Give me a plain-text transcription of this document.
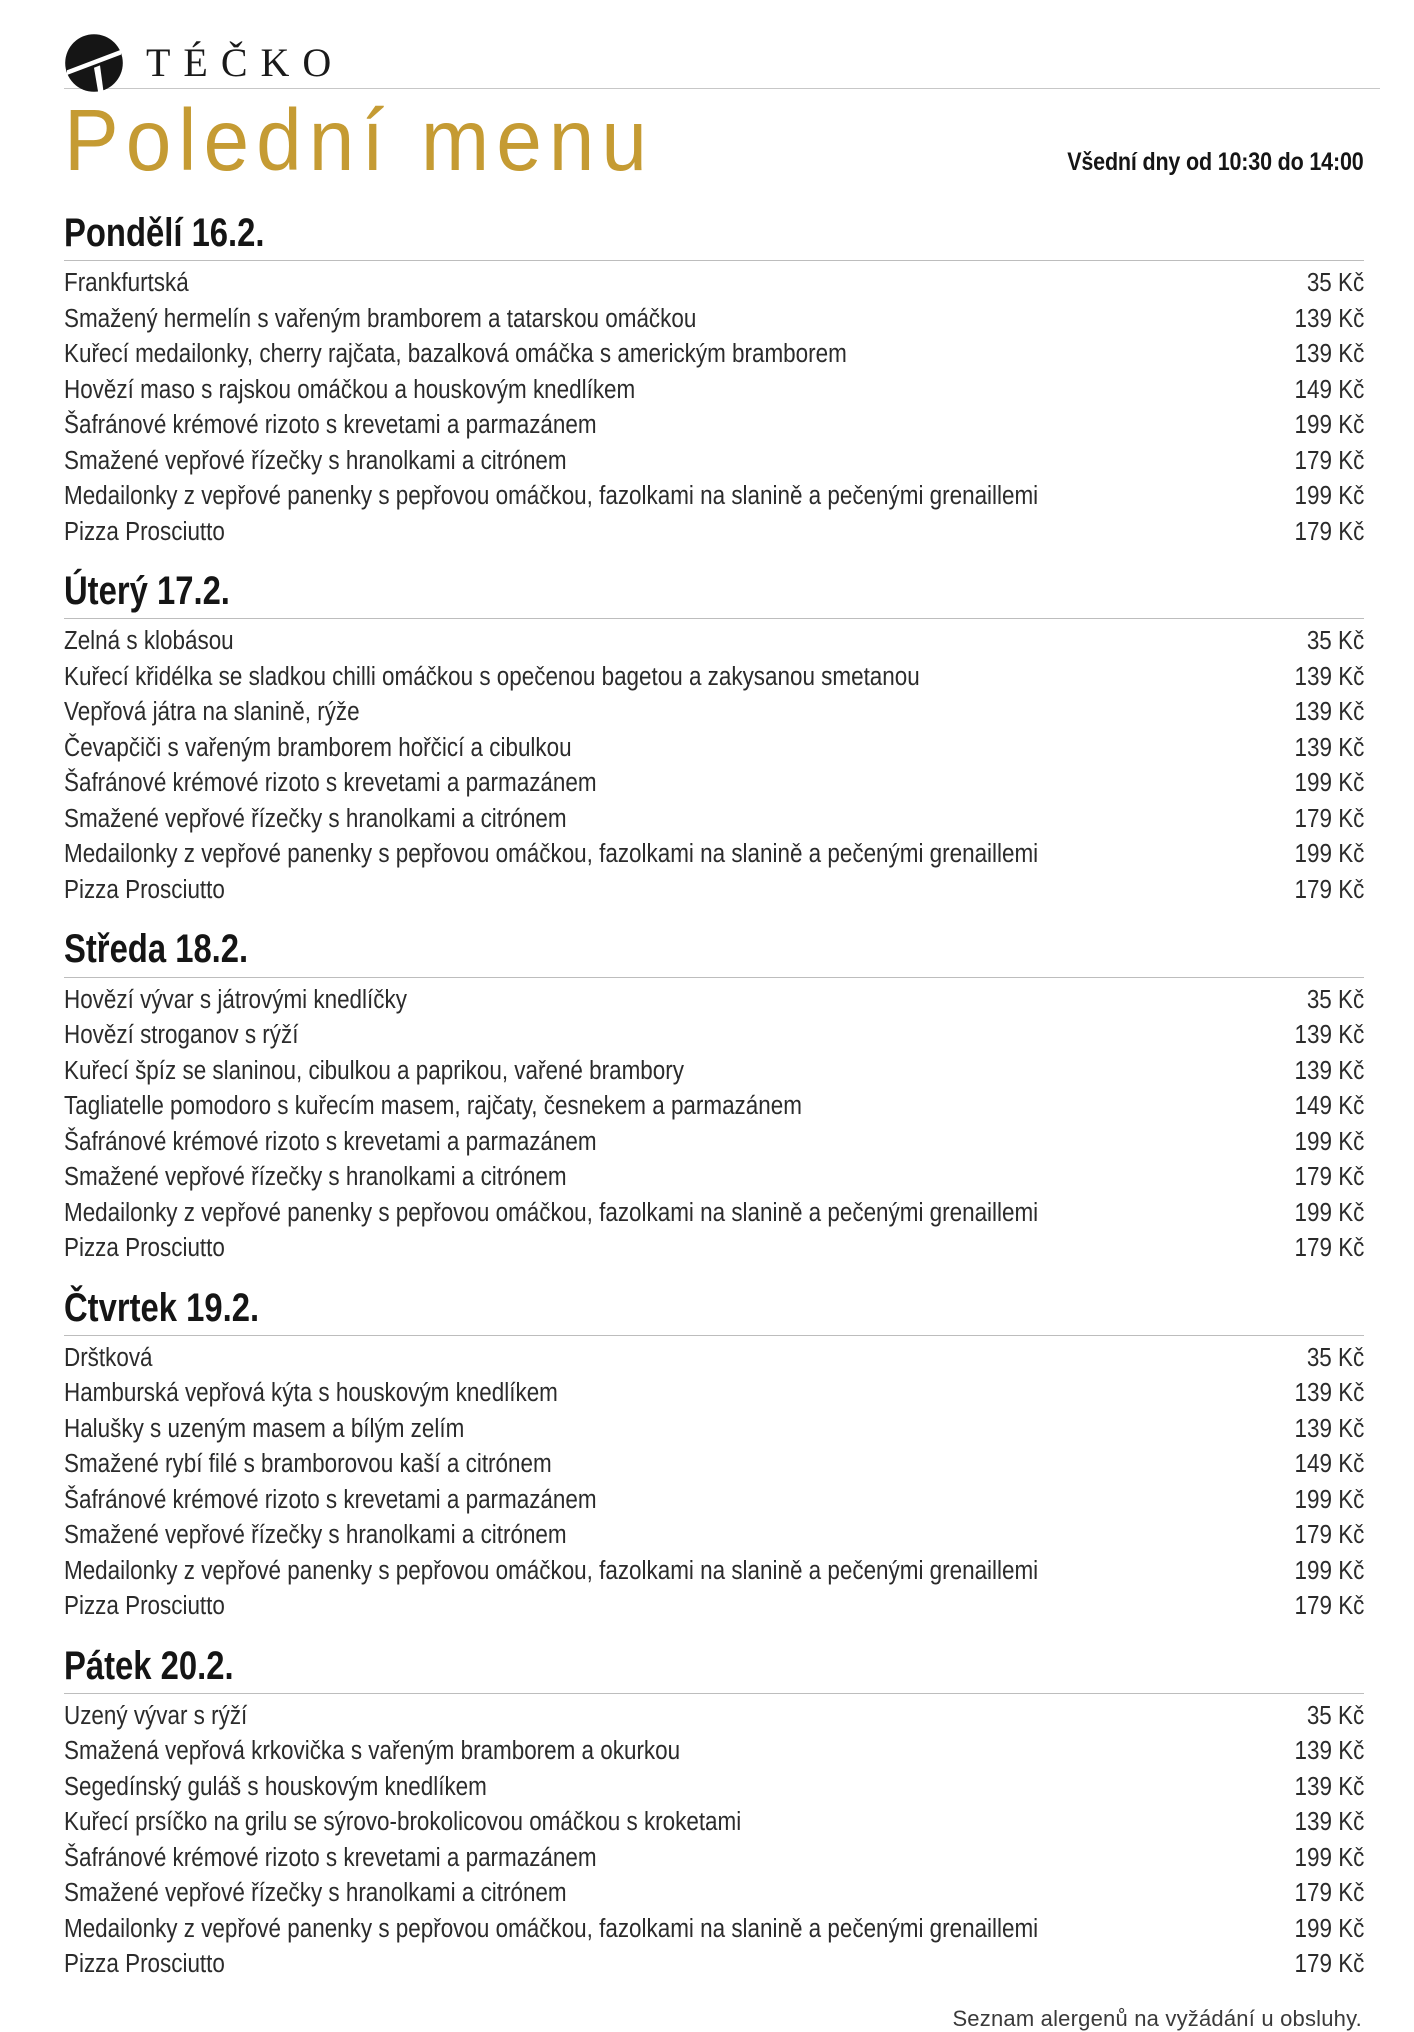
TÉČKO
Polední menu	Všední dny od 10:30 do 14:00
Pondělí 16.2.
Frankfurtská	35 Kč
Smažený hermelín s vařeným bramborem a tatarskou omáčkou	139 Kč
Kuřecí medailonky, cherry rajčata, bazalková omáčka s americkým bramborem	139 Kč
Hovězí maso s rajskou omáčkou a houskovým knedlíkem	149 Kč
Šafránové krémové rizoto s krevetami a parmazánem	199 Kč
Smažené vepřové řízečky s hranolkami a citrónem	179 Kč
Medailonky z vepřové panenky s pepřovou omáčkou, fazolkami na slanině a pečenými grenaillemi	199 Kč
Pizza Prosciutto	179 Kč
Úterý 17.2.
Zelná s klobásou	35 Kč
Kuřecí křidélka se sladkou chilli omáčkou s opečenou bagetou a zakysanou smetanou	139 Kč
Vepřová játra na slanině, rýže	139 Kč
Čevapčiči s vařeným bramborem hořčicí a cibulkou	139 Kč
Šafránové krémové rizoto s krevetami a parmazánem	199 Kč
Smažené vepřové řízečky s hranolkami a citrónem	179 Kč
Medailonky z vepřové panenky s pepřovou omáčkou, fazolkami na slanině a pečenými grenaillemi	199 Kč
Pizza Prosciutto	179 Kč
Středa 18.2.
Hovězí vývar s játrovými knedlíčky	35 Kč
Hovězí stroganov s rýží	139 Kč
Kuřecí špíz se slaninou, cibulkou a paprikou, vařené brambory	139 Kč
Tagliatelle pomodoro s kuřecím masem, rajčaty, česnekem a parmazánem	149 Kč
Šafránové krémové rizoto s krevetami a parmazánem	199 Kč
Smažené vepřové řízečky s hranolkami a citrónem	179 Kč
Medailonky z vepřové panenky s pepřovou omáčkou, fazolkami na slanině a pečenými grenaillemi	199 Kč
Pizza Prosciutto	179 Kč
Čtvrtek 19.2.
Drštková	35 Kč
Hamburská vepřová kýta s houskovým knedlíkem	139 Kč
Halušky s uzeným masem a bílým zelím	139 Kč
Smažené rybí filé s bramborovou kaší a citrónem	149 Kč
Šafránové krémové rizoto s krevetami a parmazánem	199 Kč
Smažené vepřové řízečky s hranolkami a citrónem	179 Kč
Medailonky z vepřové panenky s pepřovou omáčkou, fazolkami na slanině a pečenými grenaillemi	199 Kč
Pizza Prosciutto	179 Kč
Pátek 20.2.
Uzený vývar s rýží	35 Kč
Smažená vepřová krkovička s vařeným bramborem a okurkou	139 Kč
Segedínský guláš s houskovým knedlíkem	139 Kč
Kuřecí prsíčko na grilu se sýrovo-brokolicovou omáčkou s kroketami	139 Kč
Šafránové krémové rizoto s krevetami a parmazánem	199 Kč
Smažené vepřové řízečky s hranolkami a citrónem	179 Kč
Medailonky z vepřové panenky s pepřovou omáčkou, fazolkami na slanině a pečenými grenaillemi	199 Kč
Pizza Prosciutto	179 Kč
Seznam alergenů na vyžádání u obsluhy.
